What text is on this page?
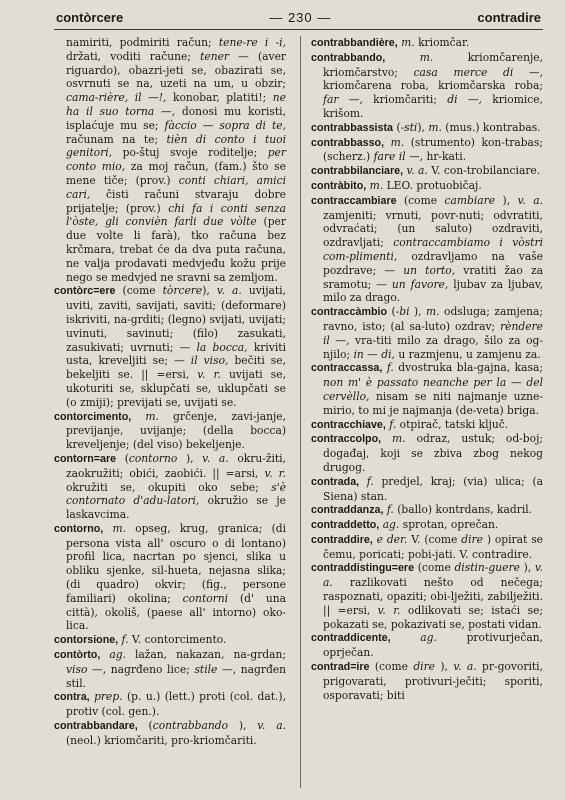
contòrcere	— 230 —	contradire

namiriti, podmiriti račun; tene-re i -i, držati, voditi račune; tener — (aver riguardo), obazri-jeti se, obazirati se, osvrnuti se na, uzeti na um, u obzir; cama-rière, il —!, konobar, platiti!; ne ha il suo torna —, donosi mu koristi, isplaćuje mu se; fàccio — sopra di te, računam na te; tièn di conto i tuoi genitori, po-štuj svoje roditelje; per conto mio, za moj račun, (fam.) što se mene tiče; (prov.) conti chiari, amici cari, čisti računi stvaraju dobre prijatelje; (prov.) chi fa i conti senza l'òste, gli convièn farli due vòlte (per due volte li farà), tko računa bez krčmara, trebat će da dva puta računa, ne valja prodavati medvjeđu kožu prije nego se medvjed ne sravni sa zemljom.

contòrc=ere (come tòrcere), v. a. uvijati, uviti, zaviti, savijati, saviti; (deformare) iskriviti, na-grditi; (legno) svijati, uvijati; uvinuti, savinuti; (filo) zasukati, zasukivati; uvrnuti; — la bocca, kriviti usta, kreveljiti se; — il viso, bečiti se, bekeljiti se. || =ersi, v. r. uvijati se, ukoturiti se, sklupčati se, uklupčati se (o zmiji); previjati se, uvijati se.

contorcimento, m. grčenje, zavi-janje, previjanje, uvijanje; (della bocca) kreveljenje; (del viso) bekeljenje.

contorn=are (contorno ), v. a. okru-žiti, zaokružiti; obići, zaobići. || =arsi, v. r. okružiti se, okupiti oko sebe; s'è contornato d'adu-latori, okružio se je laskavcima.

contorno, m. opseg, krug, granica; (di persona vista all' oscuro o di lontano) profil lica, nacrtan po sjenci, slika u obliku sjenke, sil-hueta, nejasna slika; (di quadro) okvir; (fig., persone familiari) okolina; contorni (d' una città), okoliš, (paese all' intorno) oko-lica.

contorsione, f. V. contorcimento.

contòrto, ag. lažan, nakazan, na-grdan; viso —, nagrđeno lice; stile —, nagrđen stil.

contra, prep. (p. u.) (lett.) proti (col. dat.), protiv (col. gen.).

contrabbandare, (contrabbando ), v. a. (neol.) kriomčariti, pro-kriomčariti.

contrabbandière, m. kriomčar.

contrabbando,	m. kriomčarenje, kriomčarstvo; casa merce di —, kriomčarena roba, kriomčarska roba; far —, kriomčariti; di —, kriomice, krišom.

contrabbassista (-sti), m. (mus.) kontrabas.

contrabbasso, m. (strumento) kon-trabas; (scherz.) fare il —, hr-kati.

contrabbilanciare, v. a. V. con-trobilanciare.

contràbito, m. LEO. protuobičaj.

contraccambiare (come cambiare ), v. a. zamjeniti; vrnuti, povr-nuti; odvratiti, odvraćati; (un saluto) ozdraviti, ozdravljati; contraccambiamo i vòstri com-plimenti, ozdravljamo na vaše pozdrave; — un torto, vratiti žao za sramotu; — un favore, ljubav za ljubav, milo za drago.

contraccàmbio (-bi ), m. odsluga; zamjena; ravno, isto; (al sa-luto) ozdrav; rèndere il —, vra-titi milo za drago, šilo za og-njilo; in — di, u razmjenu, u zamjenu za.

contraccassa, f. dvostruka bla-gajna, kasa; non m' è passato neanche per la — del cervèllo, nisam se niti najmanje uzne-mirio, to mi je najmanja (de-veta) briga.

contracchiave, f. otpirač, tatski ključ.

contraccolpo, m. odraz, ustuk; od-boj; događaj, koji se zbiva zbog nekog drugog.

contrada, f. predjel, kraj; (via) ulica; (a Siena) stan.

contraddanza, f. (ballo) kontrdans, kadril.

contraddetto, ag. sprotan, oprečan.

contraddire, e der. V. (come dire ) opirat se čemu, poricati; pobi-jati. V. contradire.

contraddistingu=ere (come distin-guere ), v. a. razlikovati nešto od nečega; raspoznati, opaziti; obi-lježiti, zabilježiti. || =ersi, v. r. odlikovati se; istaći se; pokazati se, pokazivati se, postati vidan.

contraddicente,	ag. protivurječan, oprječan.

contrad=ire (come dire ), v. a. pr-govoriti, prigovarati, protivuri-ječiti; sporiti, osporavati; biti
